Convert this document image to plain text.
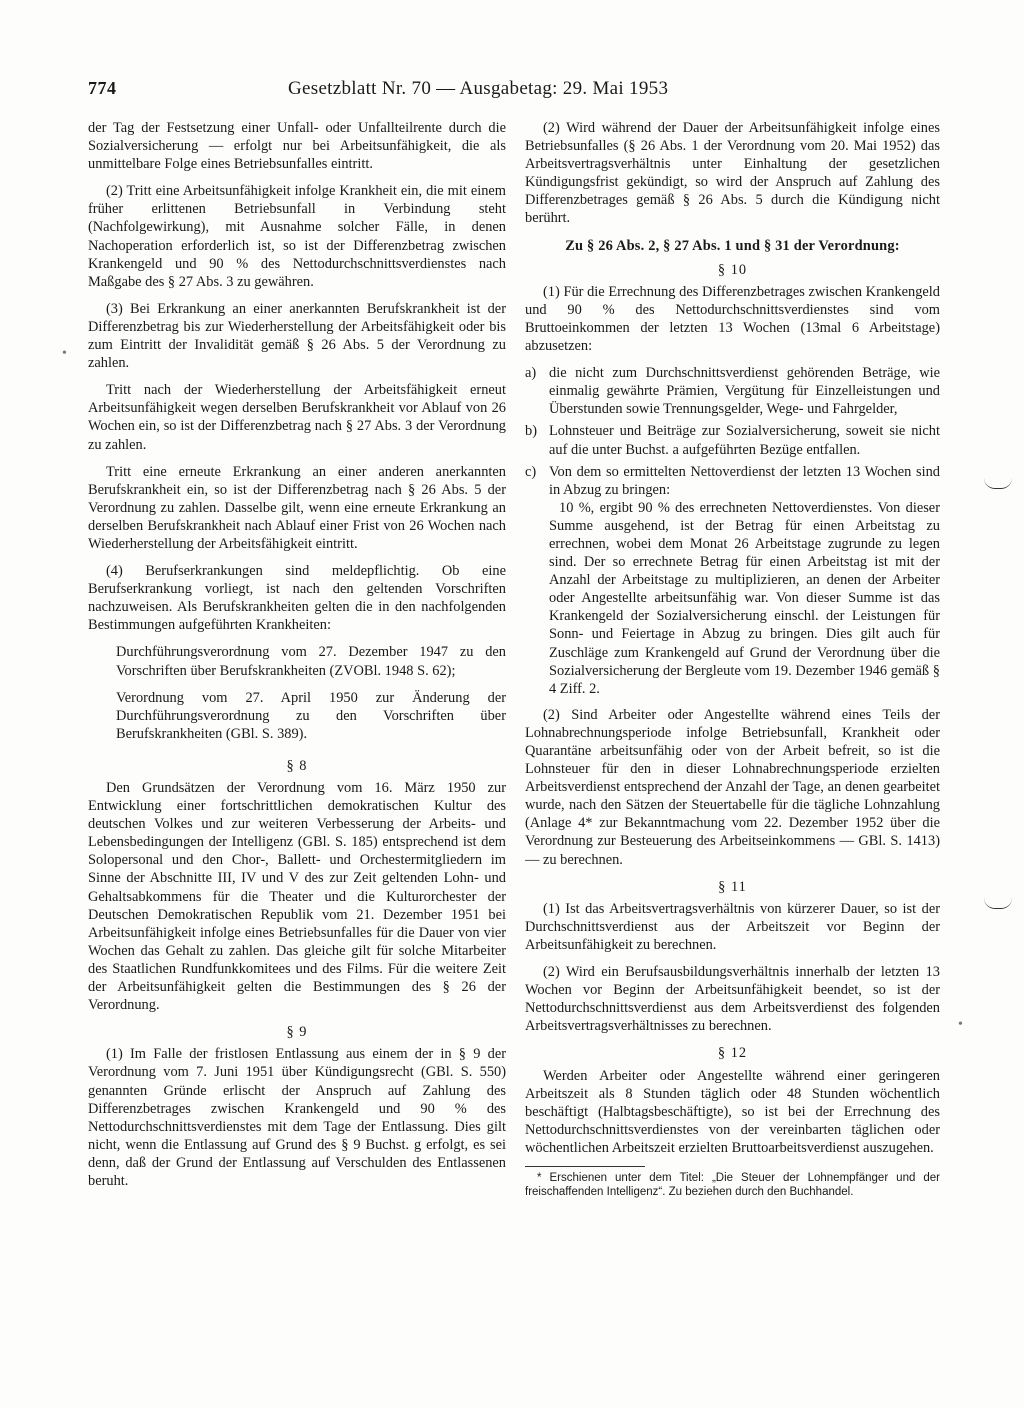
774	Gesetzblatt Nr. 70 — Ausgabetag: 29. Mai 1953

der Tag der Festsetzung einer Unfall- oder Unfallteilrente durch die Sozialversicherung — erfolgt nur bei Arbeitsunfähigkeit, die als unmittelbare Folge eines Betriebsunfalles eintritt.

(2) Tritt eine Arbeitsunfähigkeit infolge Krankheit ein, die mit einem früher erlittenen Betriebsunfall in Verbindung steht (Nachfolgewirkung), mit Ausnahme solcher Fälle, in denen Nachoperation erforderlich ist, so ist der Differenzbetrag zwischen Krankengeld und 90 % des Nettodurchschnittsverdienstes nach Maßgabe des § 27 Abs. 3 zu gewähren.

(3) Bei Erkrankung an einer anerkannten Berufskrankheit ist der Differenzbetrag bis zur Wiederherstellung der Arbeitsfähigkeit oder bis zum Eintritt der Invalidität gemäß § 26 Abs. 5 der Verordnung zu zahlen.

Tritt nach der Wiederherstellung der Arbeitsfähigkeit erneut Arbeitsunfähigkeit wegen derselben Berufskrankheit vor Ablauf von 26 Wochen ein, so ist der Differenzbetrag nach § 27 Abs. 3 der Verordnung zu zahlen.

Tritt eine erneute Erkrankung an einer anderen anerkannten Berufskrankheit ein, so ist der Differenzbetrag nach § 26 Abs. 5 der Verordnung zu zahlen. Dasselbe gilt, wenn eine erneute Erkrankung an derselben Berufskrankheit nach Ablauf einer Frist von 26 Wochen nach Wiederherstellung der Arbeitsfähigkeit eintritt.

(4) Berufserkrankungen sind meldepflichtig. Ob eine Berufserkrankung vorliegt, ist nach den geltenden Vorschriften nachzuweisen. Als Berufskrankheiten gelten die in den nachfolgenden Bestimmungen aufgeführten Krankheiten:

Durchführungsverordnung vom 27. Dezember 1947 zu den Vorschriften über Berufskrankheiten (ZVOBl. 1948 S. 62);

Verordnung vom 27. April 1950 zur Änderung der Durchführungsverordnung zu den Vorschriften über Berufskrankheiten (GBl. S. 389).

§ 8

Den Grundsätzen der Verordnung vom 16. März 1950 zur Entwicklung einer fortschrittlichen demokratischen Kultur des deutschen Volkes und zur weiteren Verbesserung der Arbeits- und Lebensbedingungen der Intelligenz (GBl. S. 185) entsprechend ist dem Solopersonal und den Chor-, Ballett- und Orchestermitgliedern im Sinne der Abschnitte III, IV und V des zur Zeit geltenden Lohn- und Gehaltsabkommens für die Theater und die Kulturorchester der Deutschen Demokratischen Republik vom 21. Dezember 1951 bei Arbeitsunfähigkeit infolge eines Betriebsunfalles für die Dauer von vier Wochen das Gehalt zu zahlen. Das gleiche gilt für solche Mitarbeiter des Staatlichen Rundfunkkomitees und des Films. Für die weitere Zeit der Arbeitsunfähigkeit gelten die Bestimmungen des § 26 der Verordnung.

§ 9

(1) Im Falle der fristlosen Entlassung aus einem der in § 9 der Verordnung vom 7. Juni 1951 über Kündigungsrecht (GBl. S. 550) genannten Gründe erlischt der Anspruch auf Zahlung des Differenzbetrages zwischen Krankengeld und 90 % des Nettodurchschnittsverdienstes mit dem Tage der Entlassung. Dies gilt nicht, wenn die Entlassung auf Grund des § 9 Buchst. g erfolgt, es sei denn, daß der Grund der Entlassung auf Verschulden des Entlassenen beruht.

(2) Wird während der Dauer der Arbeitsunfähigkeit infolge eines Betriebsunfalles (§ 26 Abs. 1 der Verordnung vom 20. Mai 1952) das Arbeitsvertragsverhältnis unter Einhaltung der gesetzlichen Kündigungsfrist gekündigt, so wird der Anspruch auf Zahlung des Differenzbetrages gemäß § 26 Abs. 5 durch die Kündigung nicht berührt.

Zu § 26 Abs. 2, § 27 Abs. 1 und § 31 der Verordnung:
§ 10

(1) Für die Errechnung des Differenzbetrages zwischen Krankengeld und 90 % des Nettodurchschnittsverdienstes sind vom Bruttoeinkommen der letzten 13 Wochen (13mal 6 Arbeitstage) abzusetzen:

a) die nicht zum Durchschnittsverdienst gehörenden Beträge, wie einmalig gewährte Prämien, Vergütung für Einzelleistungen und Überstunden sowie Trennungsgelder, Wege- und Fahrgelder,
b) Lohnsteuer und Beiträge zur Sozialversicherung, soweit sie nicht auf die unter Buchst. a aufgeführten Bezüge entfallen.
c) Von dem so ermittelten Nettoverdienst der letzten 13 Wochen sind in Abzug zu bringen:
10 %, ergibt 90 % des errechneten Nettoverdienstes. Von dieser Summe ausgehend, ist der Betrag für einen Arbeitstag zu errechnen, wobei dem Monat 26 Arbeitstage zugrunde zu legen sind. Der so errechnete Betrag für einen Arbeitstag ist mit der Anzahl der Arbeitstage zu multiplizieren, an denen der Arbeiter oder Angestellte arbeitsunfähig war. Von dieser Summe ist das Krankengeld der Sozialversicherung einschl. der Leistungen für Sonn- und Feiertage in Abzug zu bringen. Dies gilt auch für Zuschläge zum Krankengeld auf Grund der Verordnung über die Sozialversicherung der Bergleute vom 19. Dezember 1946 gemäß § 4 Ziff. 2.

(2) Sind Arbeiter oder Angestellte während eines Teils der Lohnabrechnungsperiode infolge Betriebsunfall, Krankheit oder Quarantäne arbeitsunfähig oder von der Arbeit befreit, so ist die Lohnsteuer für den in dieser Lohnabrechnungsperiode erzielten Arbeitsverdienst entsprechend der Anzahl der Tage, an denen gearbeitet wurde, nach den Sätzen der Steuertabelle für die tägliche Lohnzahlung (Anlage 4* zur Bekanntmachung vom 22. Dezember 1952 über die Verordnung zur Besteuerung des Arbeitseinkommens — GBl. S. 1413) — zu berechnen.

§ 11

(1) Ist das Arbeitsvertragsverhältnis von kürzerer Dauer, so ist der Durchschnittsverdienst aus der Arbeitszeit vor Beginn der Arbeitsunfähigkeit zu berechnen.

(2) Wird ein Berufsausbildungsverhältnis innerhalb der letzten 13 Wochen vor Beginn der Arbeitsunfähigkeit beendet, so ist der Nettodurchschnittsverdienst aus dem Arbeitsverdienst des folgenden Arbeitsvertragsverhältnisses zu berechnen.

§ 12

Werden Arbeiter oder Angestellte während einer geringeren Arbeitszeit als 8 Stunden täglich oder 48 Stunden wöchentlich beschäftigt (Halbtagsbeschäftigte), so ist bei der Errechnung des Nettodurchschnittsverdienstes von der vereinbarten täglichen oder wöchentlichen Arbeitszeit erzielten Bruttoarbeitsverdienst auszugehen.

* Erschienen unter dem Titel: „Die Steuer der Lohnempfänger und der freischaffenden Intelligenz“. Zu beziehen durch den Buchhandel.

•
•
